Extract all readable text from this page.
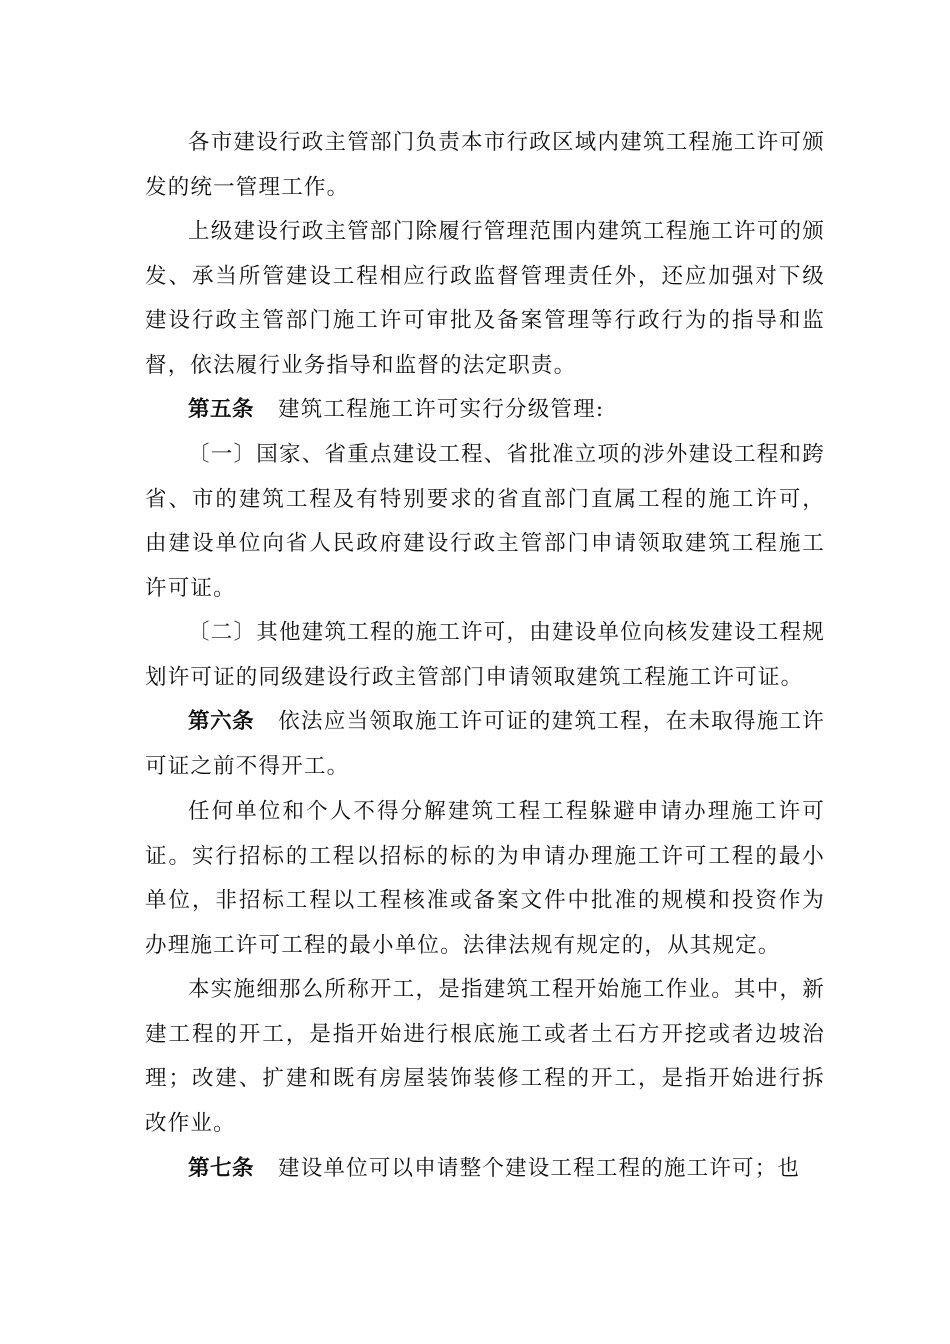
各市建设行政主管部门负责本市行政区域内建筑工程施工许可颁发的统一管理工作。

上级建设行政主管部门除履行管理范围内建筑工程施工许可的颁发、承当所管建设工程相应行政监督管理责任外，还应加强对下级建设行政主管部门施工许可审批及备案管理等行政行为的指导和监督，依法履行业务指导和监督的法定职责。

第五条 建筑工程施工许可实行分级管理:

〔一〕国家、省重点建设工程、省批准立项的涉外建设工程和跨省、市的建筑工程及有特别要求的省直部门直属工程的施工许可，由建设单位向省人民政府建设行政主管部门申请领取建筑工程施工许可证。

〔二〕其他建筑工程的施工许可，由建设单位向核发建设工程规划许可证的同级建设行政主管部门申请领取建筑工程施工许可证。

第六条 依法应当领取施工许可证的建筑工程，在未取得施工许可证之前不得开工。

任何单位和个人不得分解建筑工程工程躲避申请办理施工许可证。实行招标的工程以招标的标的为申请办理施工许可工程的最小单位，非招标工程以工程核准或备案文件中批准的规模和投资作为办理施工许可工程的最小单位。法律法规有规定的，从其规定。

本实施细那么所称开工，是指建筑工程开始施工作业。其中，新建工程的开工，是指开始进行根底施工或者土石方开挖或者边坡治理；改建、扩建和既有房屋装饰装修工程的开工，是指开始进行拆改作业。

第七条 建设单位可以申请整个建设工程工程的施工许可；也
